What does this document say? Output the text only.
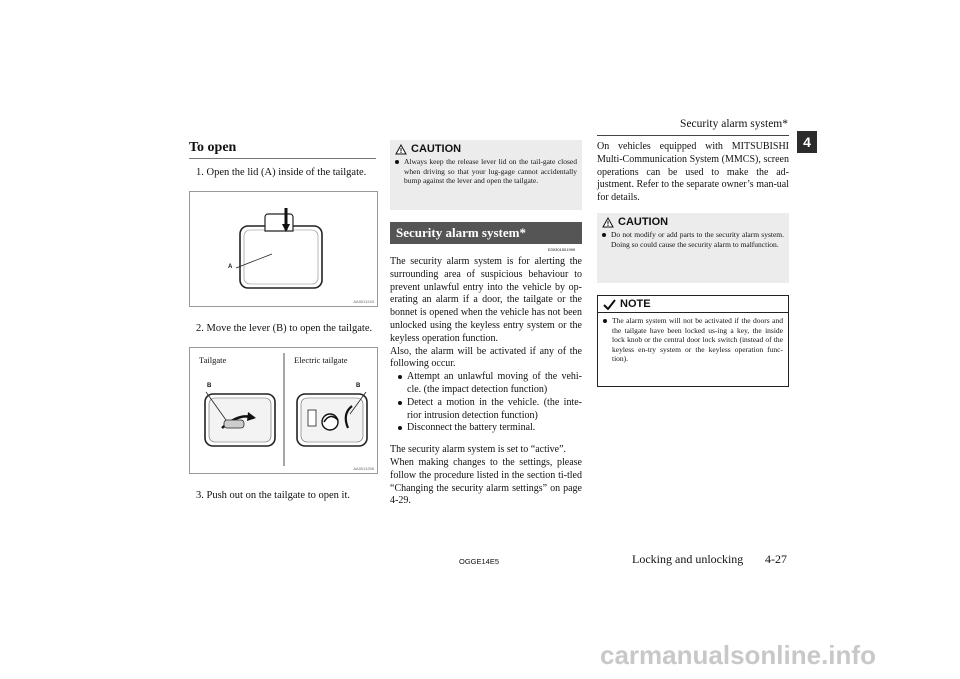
Security alarm system*
4
To open
1. Open the lid (A) inside of the tailgate.
A
AA0011243
2. Move the lever (B) to open the tailgate.
Tailgate	Electric tailgate
B	B
AA0011256
3. Push out on the tailgate to open it.
CAUTION
Always keep the release lever lid on the tail-gate closed when driving so that your lug-gage cannot accidentally bump against the lever and open the tailgate.
Security alarm system*
E00301501999
The security alarm system is for alerting the surrounding area of suspicious behaviour to prevent unlawful entry into the vehicle by op-erating an alarm if a door, the tailgate or the bonnet is opened when the vehicle has not been unlocked using the keyless entry system or the keyless operation function.
Also, the alarm will be activated if any of the following occur.
Attempt an unlawful moving of the vehi-cle. (the impact detection function)
Detect a motion in the vehicle. (the inte-rior intrusion detection function)
Disconnect the battery terminal.
The security alarm system is set to “active”.
When making changes to the settings, please follow the procedure listed in the section ti-tled “Changing the security alarm settings” on page 4-29.
On vehicles equipped with MITSUBISHI Multi-Communication System (MMCS), screen operations can be used to make the ad-justment. Refer to the separate owner’s man-ual for details.
CAUTION
Do not modify or add parts to the security alarm system. Doing so could cause the security alarm to malfunction.
NOTE
The alarm system will not be activated if the doors and the tailgate have been locked us-ing a key, the inside lock knob or the central door lock switch (instead of the keyless en-try system or the keyless operation func-tion).
OGGE14E5	Locking and unlocking 4-27
carmanualsonline.info
